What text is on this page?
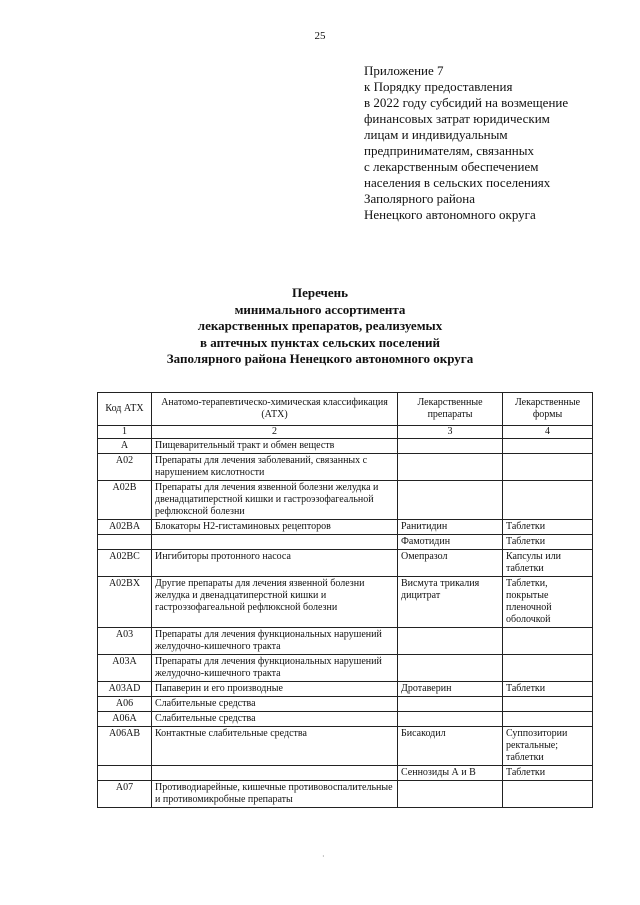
25
Приложение 7
к Порядку предоставления
в 2022 году субсидий на возмещение
финансовых затрат юридическим
лицам и индивидуальным
предпринимателям, связанных
с лекарственным обеспечением
населения в сельских поселениях
Заполярного района
Ненецкого автономного округа
Перечень
минимального ассортимента
лекарственных препаратов, реализуемых
в аптечных пунктах сельских поселений
Заполярного района Ненецкого автономного округа
Код АТХ	Анатомо-терапевтическо-химическая классификация (АТХ)	Лекарственные препараты	Лекарственные формы
1	2	3	4
A	Пищеварительный тракт и обмен веществ		
A02	Препараты для лечения заболеваний, связанных с нарушением кислотности		
A02B	Препараты для лечения язвенной болезни желудка и двенадцатиперстной кишки и гастроэзофагеальной рефлюксной болезни		
A02BA	Блокаторы H2-гистаминовых рецепторов	Ранитидин	Таблетки
		Фамотидин	Таблетки
A02BC	Ингибиторы протонного насоса	Омепразол	Капсулы или таблетки
A02BX	Другие препараты для лечения язвенной болезни желудка и двенадцатиперстной кишки и гастроэзофагеальной рефлюксной болезни	Висмута трикалия дицитрат	Таблетки, покрытые пленочной оболочкой
A03	Препараты для лечения функциональных нарушений желудочно-кишечного тракта		
A03A	Препараты для лечения функциональных нарушений желудочно-кишечного тракта		
A03AD	Папаверин и его производные	Дротаверин	Таблетки
A06	Слабительные средства		
A06A	Слабительные средства		
A06AB	Контактные слабительные средства	Бисакодил	Суппозитории ректальные; таблетки
		Сеннозиды А и В	Таблетки
A07	Противодиарейные, кишечные противовоспалительные и противомикробные препараты		
·
